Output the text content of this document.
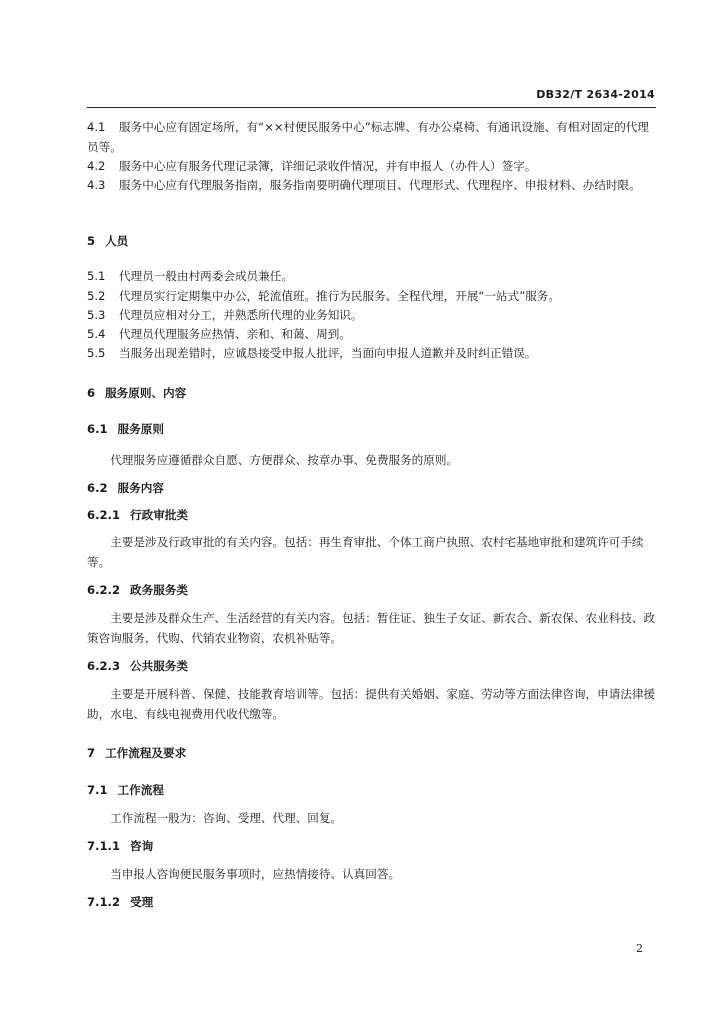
DB32/T 2634-2014
4.1 服务中心应有固定场所，有“××村便民服务中心”标志牌、有办公桌椅、有通讯设施、有相对固定的代理员等。
4.2 服务中心应有服务代理记录簿，详细记录收件情况，并有申报人（办件人）签字。
4.3 服务中心应有代理服务指南，服务指南要明确代理项目、代理形式、代理程序、申报材料、办结时限。
5 人员
5.1 代理员一般由村两委会成员兼任。
5.2 代理员实行定期集中办公，轮流值班。推行为民服务、全程代理，开展“一站式”服务。
5.3 代理员应相对分工，并熟悉所代理的业务知识。
5.4 代理员代理服务应热情、亲和、和蔼、周到。
5.5 当服务出现差错时，应诚恳接受申报人批评，当面向申报人道歉并及时纠正错误。
6 服务原则、内容
6.1 服务原则
代理服务应遵循群众自愿、方便群众、按章办事、免费服务的原则。
6.2 服务内容
6.2.1 行政审批类
主要是涉及行政审批的有关内容。包括：再生育审批、个体工商户执照、农村宅基地审批和建筑许可手续等。
6.2.2 政务服务类
主要是涉及群众生产、生活经营的有关内容。包括：暂住证、独生子女证、新农合、新农保、农业科技、政策咨询服务，代购、代销农业物资，农机补贴等。
6.2.3 公共服务类
主要是开展科普、保健、技能教育培训等。包括：提供有关婚姻、家庭、劳动等方面法律咨询，申请法律援助，水电、有线电视费用代收代缴等。
7 工作流程及要求
7.1 工作流程
工作流程一般为：咨询、受理、代理、回复。
7.1.1 咨询
当申报人咨询便民服务事项时，应热情接待、认真回答。
7.1.2 受理
2
